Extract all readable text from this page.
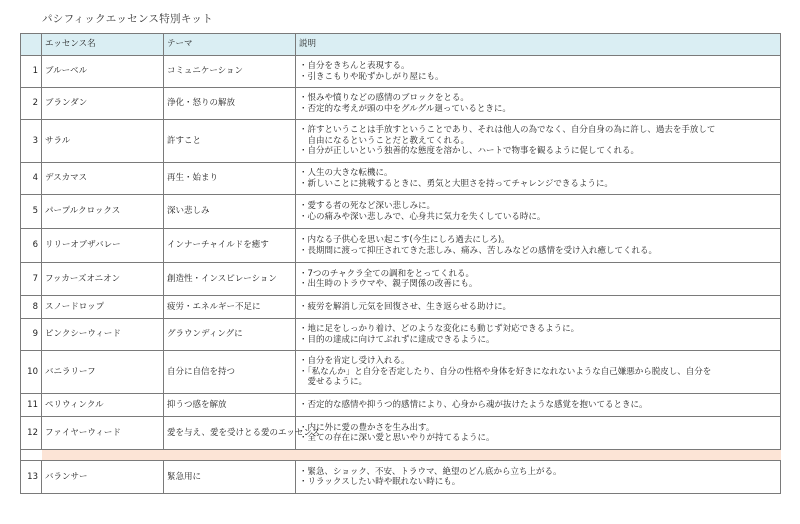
パシフィックエッセンス特別キット
	エッセンス名	テーマ	説明
1	ブルーベル	コミュニケーション	・自分をきちんと表現する。
・引きこもりや恥ずかしがり屋にも。

2	ブランダン	浄化・怒りの解放	・恨みや憤りなどの感情のブロックをとる。
・否定的な考えが頭の中をグルグル廻っているときに。

3	サラル	許すこと	・許すということは手放すということであり、それは他人の為でなく、自分自身の為に許し、過去を手放して
　自由になるということだと教えてくれる。
・自分が正しいという独善的な態度を溶かし、ハートで物事を観るように促してくれる。

4	デスカマス	再生・始まり	・人生の大きな転機に。
・新しいことに挑戦するときに、勇気と大胆さを持ってチャレンジできるように。

5	パープルクロックス	深い悲しみ	・愛する者の死など深い悲しみに。
・心の痛みや深い悲しみで、心身共に気力を失くしている時に。

6	リリーオブザバレー	インナーチャイルドを癒す	・内なる子供心を思い起こす(今生にしろ過去にしろ)。
・長期間に渡って抑圧されてきた悲しみ、痛み、苦しみなどの感情を受け入れ癒してくれる。

7	フッカーズオニオン	創造性・インスピレーション	・7つのチャクラ全ての調和をとってくれる。
・出生時のトラウマや、親子関係の改善にも。

8	スノードロップ	疲労・エネルギー不足に	・疲労を解消し元気を回復させ、生き返らせる助けに。

9	ピンクシーウィード	グラウンディングに	・地に足をしっかり着け、どのような変化にも動じず対応できるように。
・目的の達成に向けてぶれずに達成できるように。

10	バニラリーフ	自分に自信を持つ	・自分を肯定し受け入れる。
・「私なんか」と自分を否定したり、自分の性格や身体を好きになれないような自己嫌悪から脱皮し、自分を
　愛せるように。

11	ペリウィンクル	抑うつ感を解放	・否定的な感情や抑うつ的感情により、心身から魂が抜けたような感覚を抱いてるときに。

12	ファイヤーウィード	愛を与え、愛を受けとる愛のエッセンス	・内に外に愛の豊かさを生み出す。
・全ての存在に深い愛と思いやりが持てるように。

13	バランサー	緊急用に	・緊急、ショック、不安、トラウマ、絶望のどん底から立ち上がる。
・リラックスしたい時や眠れない時にも。
